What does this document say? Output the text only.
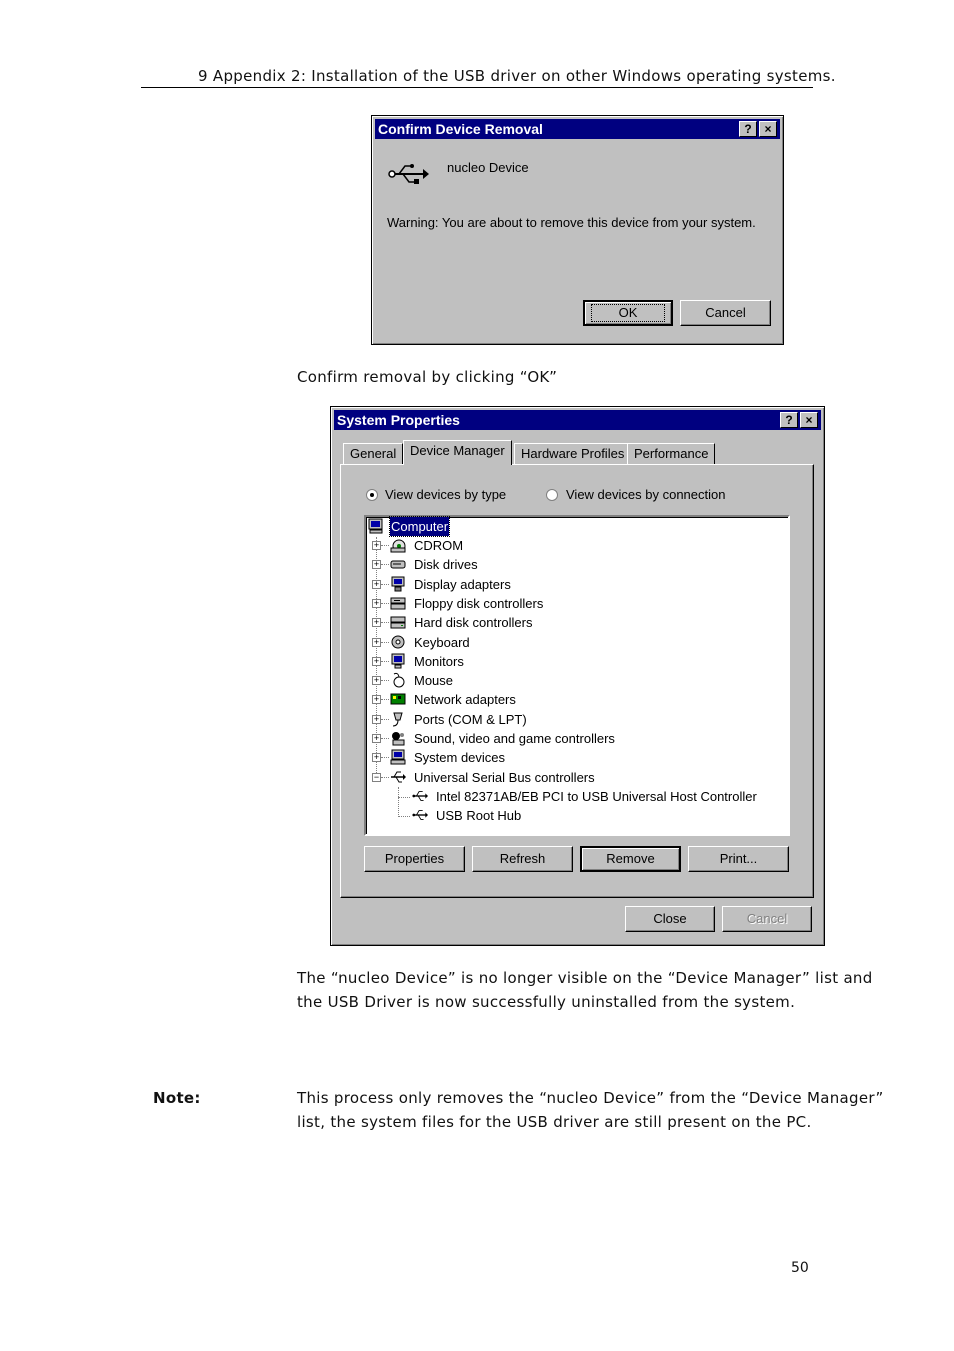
9 Appendix 2: Installation of the USB driver on other Windows operating systems.
Confirm Device Removal	?	×
nucleo Device
Warning: You are about to remove this device from your system.
OK	Cancel
Confirm removal by clicking “OK”
System Properties	?	×
General	Device Manager	Hardware Profiles Performance
View devices by type	View devices by connection
Computer
+	CDROM
+	Disk drives
+	Display adapters
+	Floppy disk controllers
+	Hard disk controllers
+	Keyboard
+	Monitors
+	Mouse
+	Network adapters
+	Ports (COM & LPT)
+	Sound, video and game controllers
+	System devices
−	Universal Serial Bus controllers
Intel 82371AB/EB PCI to USB Universal Host Controller
USB Root Hub
Properties	Refresh	Remove	Print...
Close	Cancel
The “nucleo Device” is no longer visible on the “Device Manager” list and
the USB Driver is now successfully uninstalled from the system.
Note:	This process only removes the “nucleo Device” from the “Device Manager”
list, the system files for the USB driver are still present on the PC.
50
